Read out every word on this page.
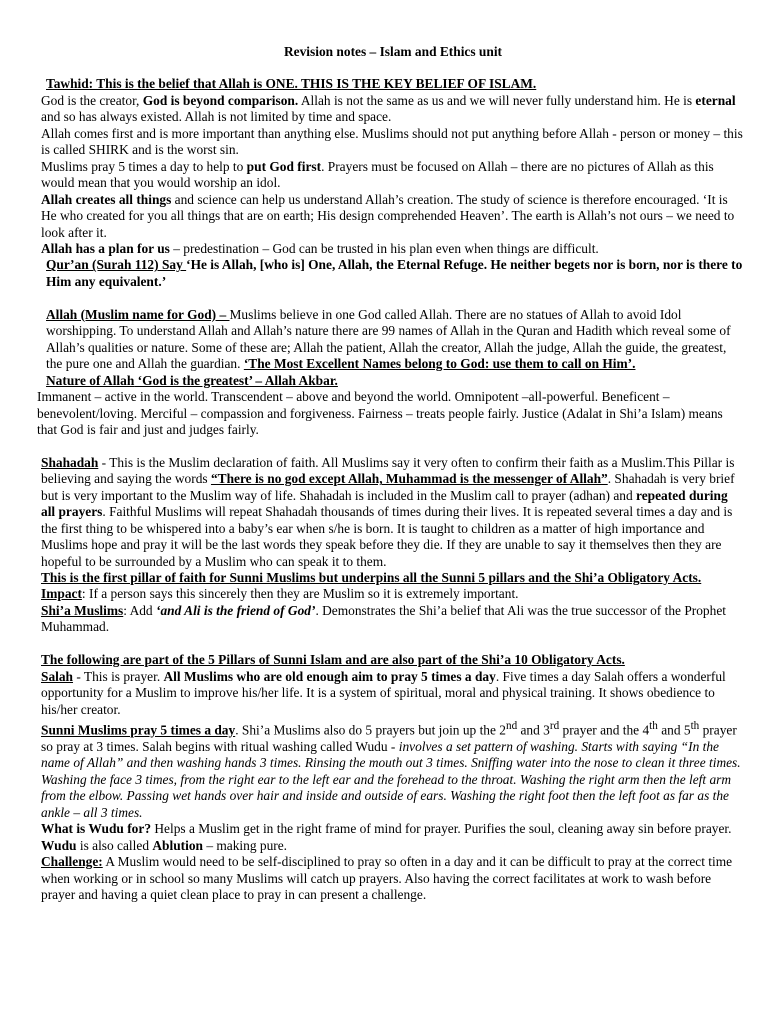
Revision notes – Islam and Ethics unit

Tawhid: This is the belief that Allah is ONE. THIS IS THE KEY BELIEF OF ISLAM.

God is the creator, God is beyond comparison. Allah is not the same as us and we will never fully understand him. He is eternal and so has always existed. Allah is not limited by time and space.

Allah comes first and is more important than anything else. Muslims should not put anything before Allah - person or money – this is called SHIRK and is the worst sin.

Muslims pray 5 times a day to help to put God first. Prayers must be focused on Allah – there are no pictures of Allah as this would mean that you would worship an idol.

Allah creates all things and science can help us understand Allah’s creation. The study of science is therefore encouraged. ‘It is He who created for you all things that are on earth; His design comprehended Heaven’. The earth is Allah’s not ours – we need to look after it.

Allah has a plan for us – predestination – God can be trusted in his plan even when things are difficult.

Qur’an (Surah 112) Say ‘He is Allah, [who is] One, Allah, the Eternal Refuge. He neither begets nor is born, nor is there to Him any equivalent.’

Allah (Muslim name for God) – Muslims believe in one God called Allah. There are no statues of Allah to avoid Idol worshipping. To understand Allah and Allah’s nature there are 99 names of Allah in the Quran and Hadith which reveal some of Allah’s qualities or nature. Some of these are; Allah the patient, Allah the creator, Allah the judge, Allah the guide, the greatest, the pure one and Allah the guardian. ‘The Most Excellent Names belong to God: use them to call on Him’.

Nature of Allah ‘God is the greatest’ – Allah Akbar.

Immanent – active in the world. Transcendent – above and beyond the world. Omnipotent –all-powerful. Beneficent – benevolent/loving. Merciful – compassion and forgiveness. Fairness – treats people fairly. Justice (Adalat in Shi’a Islam) means that God is fair and just and judges fairly.

Shahadah - This is the Muslim declaration of faith. All Muslims say it very often to confirm their faith as a Muslim.This Pillar is believing and saying the words “There is no god except Allah, Muhammad is the messenger of Allah”. Shahadah is very brief but is very important to the Muslim way of life. Shahadah is included in the Muslim call to prayer (adhan) and repeated during all prayers. Faithful Muslims will repeat Shahadah thousands of times during their lives. It is repeated several times a day and is the first thing to be whispered into a baby’s ear when s/he is born. It is taught to children as a matter of high importance and Muslims hope and pray it will be the last words they speak before they die. If they are unable to say it themselves then they are hopeful to be surrounded by a Muslim who can speak it to them.

This is the first pillar of faith for Sunni Muslims but underpins all the Sunni 5 pillars and the Shi’a Obligatory Acts.

Impact: If a person says this sincerely then they are Muslim so it is extremely important.

Shi’a Muslims: Add ‘and Ali is the friend of God’. Demonstrates the Shi’a belief that Ali was the true successor of the Prophet Muhammad.

The following are part of the 5 Pillars of Sunni Islam and are also part of the Shi’a 10 Obligatory Acts.

Salah - This is prayer. All Muslims who are old enough aim to pray 5 times a day. Five times a day Salah offers a wonderful opportunity for a Muslim to improve his/her life. It is a system of spiritual, moral and physical training. It shows obedience to his/her creator.

Sunni Muslims pray 5 times a day. Shi’a Muslims also do 5 prayers but join up the 2nd and 3rd prayer and the 4th and 5th prayer so pray at 3 times. Salah begins with ritual washing called Wudu - involves a set pattern of washing. Starts with saying “In the name of Allah” and then washing hands 3 times. Rinsing the mouth out 3 times. Sniffing water into the nose to clean it three times. Washing the face 3 times, from the right ear to the left ear and the forehead to the throat. Washing the right arm then the left arm from the elbow. Passing wet hands over hair and inside and outside of ears. Washing the right foot then the left foot as far as the ankle – all 3 times.

What is Wudu for? Helps a Muslim get in the right frame of mind for prayer. Purifies the soul, cleaning away sin before prayer. Wudu is also called Ablution – making pure.

Challenge: A Muslim would need to be self-disciplined to pray so often in a day and it can be difficult to pray at the correct time when working or in school so many Muslims will catch up prayers. Also having the correct facilitates at work to wash before prayer and having a quiet clean place to pray in can present a challenge.
